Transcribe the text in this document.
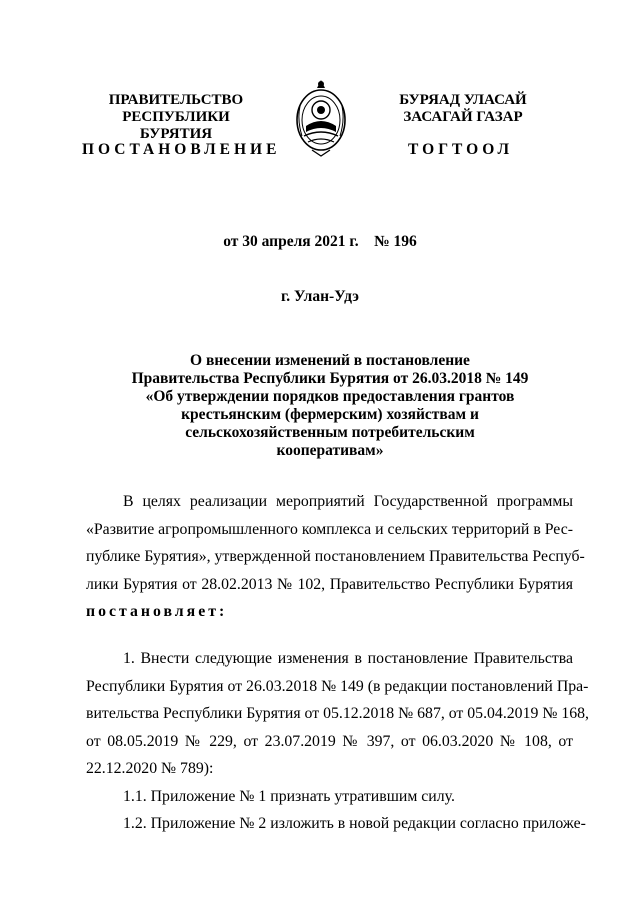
ПРАВИТЕЛЬСТВО
РЕСПУБЛИКИ БУРЯТИЯ
ПОСТАНОВЛЕНИЕ
БУРЯАД УЛАСАЙ
ЗАСАГАЙ ГАЗАР
ТОГТООЛ
от 30 апреля 2021 г.    № 196
г. Улан-Удэ
О внесении изменений в постановление
Правительства Республики Бурятия от 26.03.2018 № 149
«Об утверждении порядков предоставления грантов
крестьянским (фермерским) хозяйствам и
сельскохозяйственным потребительским
кооперативам»
В целях реализации мероприятий Государственной программы
«Развитие агропромышленного комплекса и сельских территорий в Рес-
публике Бурятия», утвержденной постановлением Правительства Респуб-
лики Бурятия от 28.02.2013 № 102, Правительство Республики Бурятия
постановляет:
1. Внести следующие изменения в постановление Правительства
Республики Бурятия от 26.03.2018 № 149 (в редакции постановлений Пра-
вительства Республики Бурятия от 05.12.2018 № 687, от 05.04.2019 № 168,
от 08.05.2019 № 229, от 23.07.2019 № 397, от 06.03.2020 № 108, от
22.12.2020 № 789):
1.1. Приложение № 1 признать утратившим силу.
1.2. Приложение № 2 изложить в новой редакции согласно приложе-
